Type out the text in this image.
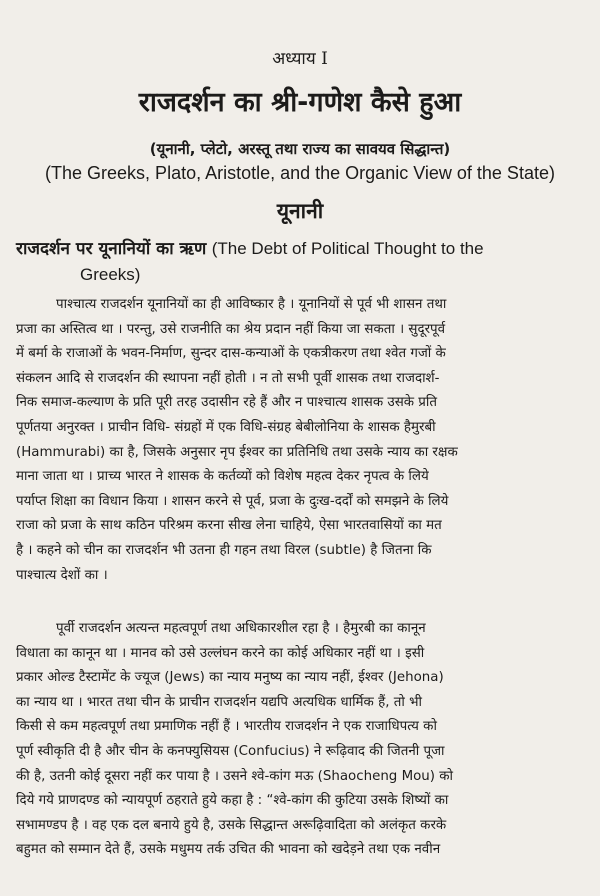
अध्याय I
राजदर्शन का श्री-गणेश कैसे हुआ
(यूनानी, प्लेटो, अरस्तू तथा राज्य का सावयव सिद्धान्त)
(The Greeks, Plato, Aristotle, and the Organic View of the State)
यूनानी
राजदर्शन पर यूनानियों का ऋण (The Debt of Political Thought to the
Greeks)
पाश्चात्य राजदर्शन यूनानियों का ही आविष्कार है । यूनानियों से पूर्व भी शासन तथा
प्रजा का अस्तित्व था । परन्तु, उसे राजनीति का श्रेय प्रदान नहीं किया जा सकता । सुदूरपूर्व
में बर्मा के राजाओं के भवन-निर्माण, सुन्दर दास-कन्याओं के एकत्रीकरण तथा श्वेत गजों के
संकलन आदि से राजदर्शन की स्थापना नहीं होती । न तो सभी पूर्वी शासक तथा राजदार्श-
निक समाज-कल्याण के प्रति पूरी तरह उदासीन रहे हैं और न पाश्चात्य शासक उसके प्रति
पूर्णतया अनुरक्त । प्राचीन विधि- संग्रहों में एक विधि-संग्रह बेबीलोनिया के शासक हैमुरबी
(Hammurabi) का है, जिसके अनुसार नृप ईश्वर का प्रतिनिधि तथा उसके न्याय का रक्षक
माना जाता था । प्राच्य भारत ने शासक के कर्तव्यों को विशेष महत्व देकर नृपत्व के लिये
पर्याप्त शिक्षा का विधान किया । शासन करने से पूर्व, प्रजा के दुःख-दर्दों को समझने के लिये
राजा को प्रजा के साथ कठिन परिश्रम करना सीख लेना चाहिये, ऐसा भारतवासियों का मत
है । कहने को चीन का राजदर्शन भी उतना ही गहन तथा विरल (subtle) है जितना कि
पाश्चात्य देशों का ।
पूर्वी राजदर्शन अत्यन्त महत्वपूर्ण तथा अधिकारशील रहा है । हैमुरबी का कानून
विधाता का कानून था । मानव को उसे उल्लंघन करने का कोई अधिकार नहीं था । इसी
प्रकार ओल्ड टैस्टामेंट के ज्यूज (Jews) का न्याय मनुष्य का न्याय नहीं, ईश्वर (Jehona)
का न्याय था । भारत तथा चीन के प्राचीन राजदर्शन यद्यपि अत्यधिक धार्मिक हैं, तो भी
किसी से कम महत्वपूर्ण तथा प्रमाणिक नहीं हैं । भारतीय राजदर्शन ने एक राजाधिपत्य को
पूर्ण स्वीकृति दी है और चीन के कनफ्युसियस (Confucius) ने रूढ़िवाद की जितनी पूजा
की है, उतनी कोई दूसरा नहीं कर पाया है । उसने श्वे-कांग मऊ (Shaocheng Mou) को
दिये गये प्राणदण्ड को न्यायपूर्ण ठहराते हुये कहा है : “श्वे-कांग की कुटिया उसके शिष्यों का
सभामण्डप है । वह एक दल बनाये हुये है, उसके सिद्धान्त अरूढ़िवादिता को अलंकृत करके
बहुमत को सम्मान देते हैं, उसके मधुमय तर्क उचित की भावना को खदेड़ने तथा एक नवीन
